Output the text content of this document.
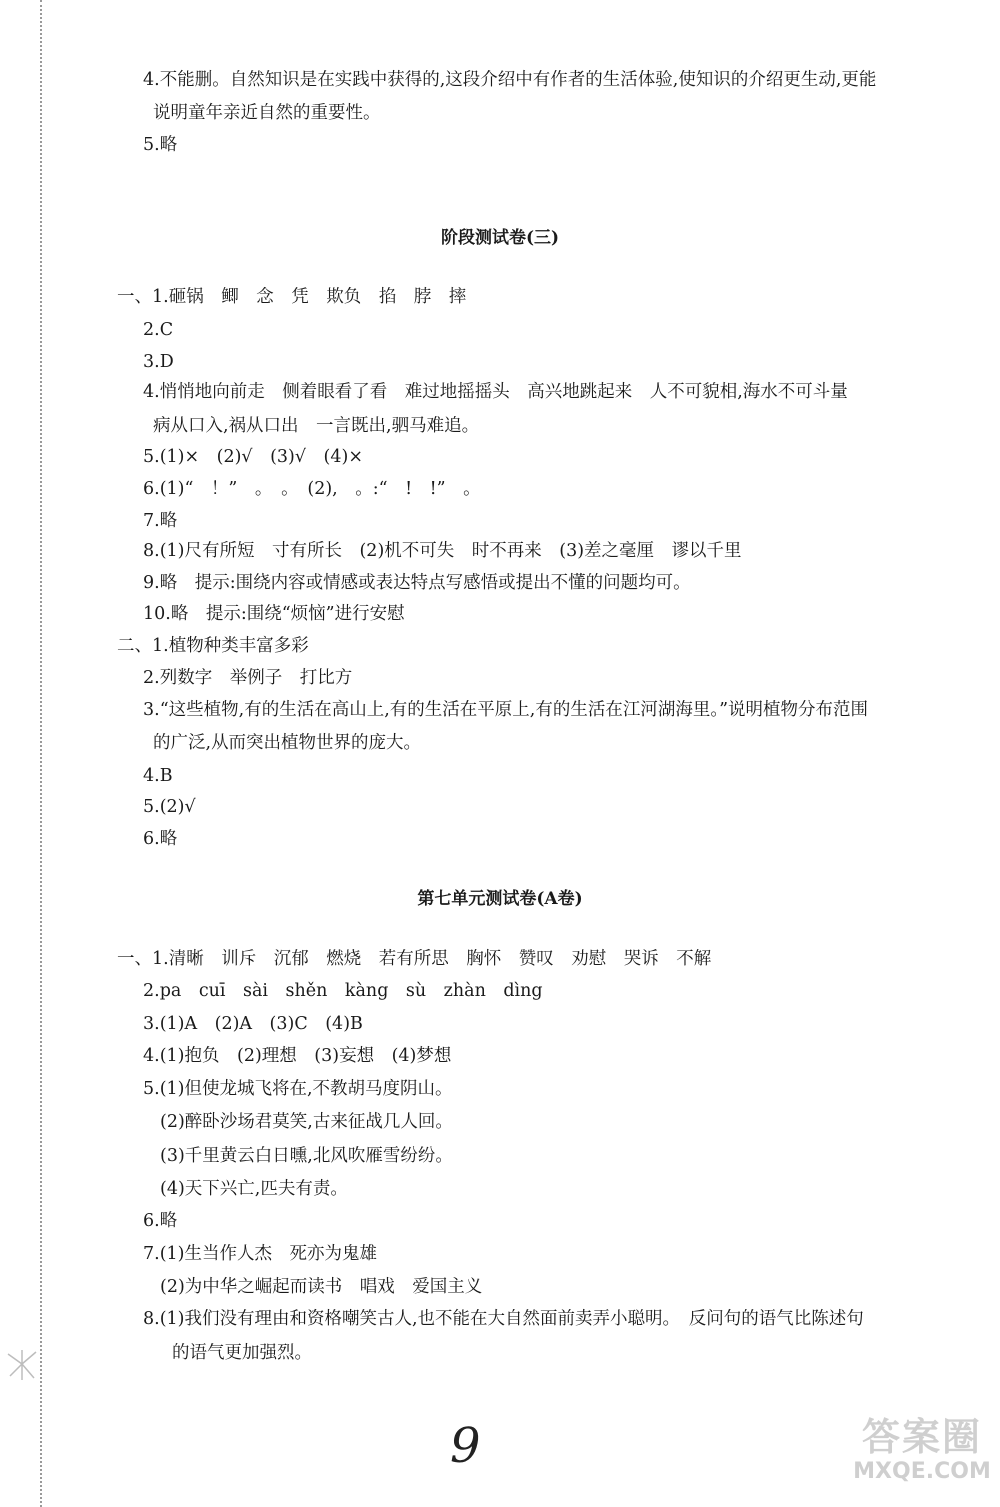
4.不能删。自然知识是在实践中获得的,这段介绍中有作者的生活体验,使知识的介绍更生动,更能
说明童年亲近自然的重要性。
5.略
阶段测试卷(三)
一、1.砸锅　鲫　念　凭　欺负　掐　脖　摔
2.C
3.D
4.悄悄地向前走　侧着眼看了看　难过地摇摇头　高兴地跳起来　人不可貌相,海水不可斗量
病从口入,祸从口出　一言既出,驷马难追。
5.(1)×　(2)√　(3)√　(4)×
6.(1)“　！”　。　。　(2),　。:“　!　!”　。
7.略
8.(1)尺有所短　寸有所长　(2)机不可失　时不再来　(3)差之毫厘　谬以千里
9.略　提示:围绕内容或情感或表达特点写感悟或提出不懂的问题均可。
10.略　提示:围绕“烦恼”进行安慰
二、1.植物种类丰富多彩
2.列数字　举例子　打比方
3.“这些植物,有的生活在高山上,有的生活在平原上,有的生活在江河湖海里。”说明植物分布范围
的广泛,从而突出植物世界的庞大。
4.B
5.(2)√
6.略
第七单元测试卷(A卷)
一、1.清晰　训斥　沉郁　燃烧　若有所思　胸怀　赞叹　劝慰　哭诉　不解
2.pa　cuī　sài　shěn　kàng　sù　zhàn　dìng
3.(1)A　(2)A　(3)C　(4)B
4.(1)抱负　(2)理想　(3)妄想　(4)梦想
5.(1)但使龙城飞将在,不教胡马度阴山。
(2)醉卧沙场君莫笑,古来征战几人回。
(3)千里黄云白日曛,北风吹雁雪纷纷。
(4)天下兴亡,匹夫有责。
6.略
7.(1)生当作人杰　死亦为鬼雄
(2)为中华之崛起而读书　唱戏　爱国主义
8.(1)我们没有理由和资格嘲笑古人,也不能在大自然面前卖弄小聪明。　反问句的语气比陈述句
的语气更加强烈。
9	答案圈
MXQE.COM
